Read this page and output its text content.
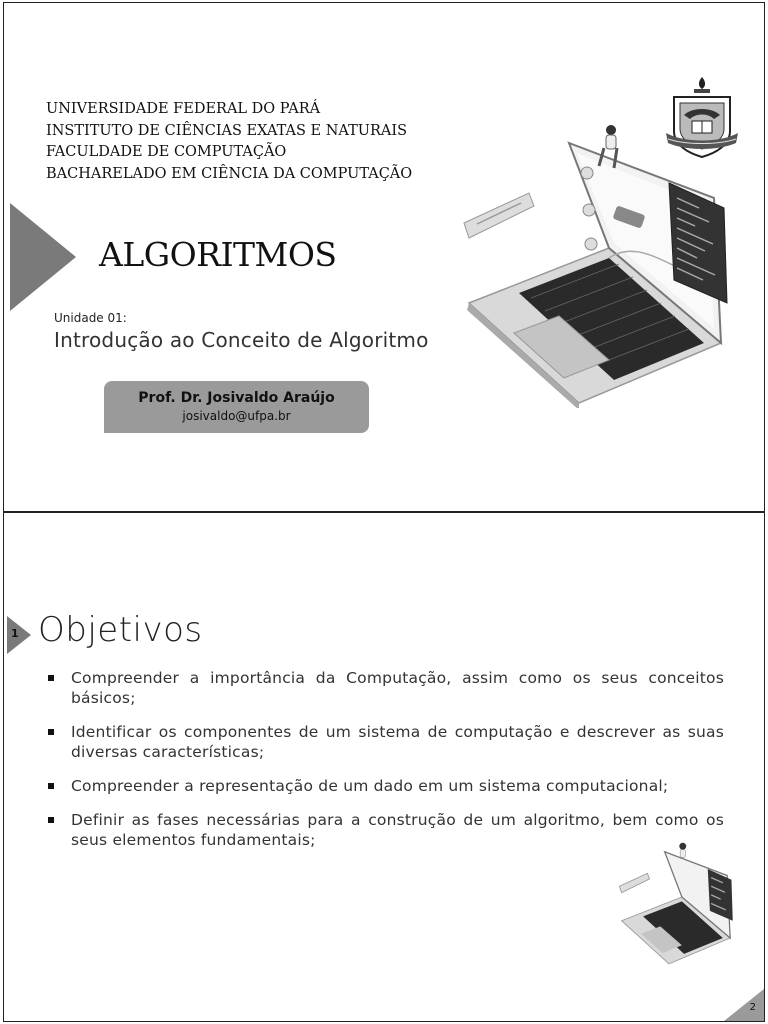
UNIVERSIDADE FEDERAL DO PARÁ
INSTITUTO DE CIÊNCIAS EXATAS E NATURAIS
FACULDADE DE COMPUTAÇÃO
BACHARELADO EM CIÊNCIA DA COMPUTAÇÃO
ALGORITMOS
Unidade 01:
Introdução ao Conceito de Algoritmo
Prof. Dr. Josivaldo Araújo
josivaldo@ufpa.br
1 Objetivos
Compreender a importância da Computação, assim como os seus conceitos básicos;
Identificar os componentes de um sistema de computação e descrever as suas diversas características;
Compreender a representação de um dado em um sistema computacional;
Definir as fases necessárias para a construção de um algoritmo, bem como os seus elementos fundamentais;
2
